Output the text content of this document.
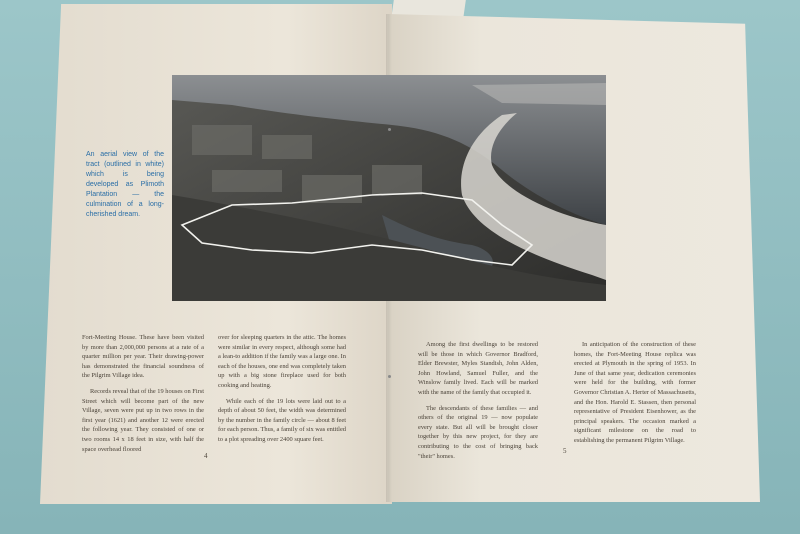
An aerial view of the tract (outlined in white) which is being developed as Plimoth Plantation — the culmination of a long-cherished dream.

Fort-Meeting House. These have been visited by more than 2,000,000 persons at a rate of a quarter million per year. Their drawing-power has demonstrated the financial soundness of the Pilgrim Village idea.

Records reveal that of the 19 houses on First Street which will become part of the new Village, seven were put up in two rows in the first year (1621) and another 12 were erected the following year. They consisted of one or two rooms 14 x 18 feet in size, with half the space overhead floored

over for sleeping quarters in the attic. The homes were similar in every respect, although some had a lean-to addition if the family was a large one. In each of the houses, one end was completely taken up with a big stone fireplace used for both cooking and heating.

While each of the 19 lots were laid out to a depth of about 50 feet, the width was determined by the number in the family circle — about 8 feet for each person. Thus, a family of six was entitled to a plot spreading over 2400 square feet.

Among the first dwellings to be restored will be those in which Governor Bradford, Elder Brewster, Myles Standish, John Alden, John Howland, Samuel Fuller, and the Winslow family lived. Each will be marked with the name of the family that occupied it.

The descendants of these families — and others of the original 19 — now populate every state. But all will be brought closer together by this new project, for they are contributing to the cost of bringing back "their" homes.

In anticipation of the construction of these homes, the Fort-Meeting House replica was erected at Plymouth in the spring of 1953. In June of that same year, dedication ceremonies were held for the building, with former Governor Christian A. Herter of Massachusetts, and the Hon. Harold E. Stassen, then personal representative of President Eisenhower, as the principal speakers. The occasion marked a significant milestone on the road to establishing the permanent Pilgrim Village.

4
5
